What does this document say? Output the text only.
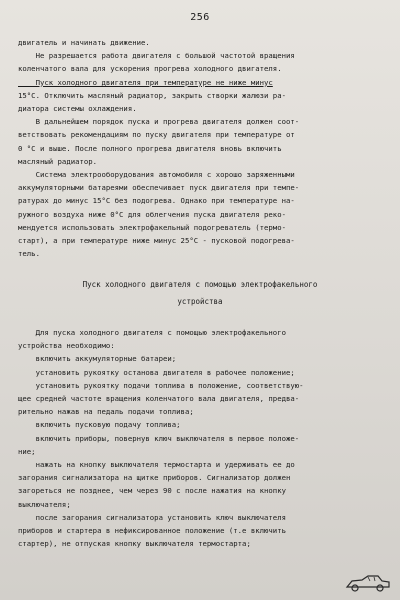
256
двигатель и начинать движение.
Не разрешается работа двигателя с большой частотой вращения
коленчатого вала для ускорения прогрева холодного двигателя.
Пуск холодного двигателя при температуре не ниже минус
15°С. Отключить масляный радиатор, закрыть створки жалюзи ра-
диатора системы охлаждения.
В дальнейшем порядок пуска и прогрева двигателя должен соот-
ветствовать рекомендациям по пуску двигателя при температуре от
0 °С и выше. После полного прогрева двигателя вновь включить
масляный радиатор.
Система электрооборудования автомобиля с хорошо заряженными
аккумуляторными батареями обеспечивает пуск двигателя при темпе-
ратурах до минус 15°С без подогрева. Однако при температуре на-
ружного воздуха ниже 0°С для облегчения пуска двигателя реко-
мендуется использовать электрофакельный подогреватель (термо-
старт), а при температуре ниже минус 25°С - пусковой подогрева-
тель.
Пуск холодного двигателя с помощью электрофакельного
устройства
Для пуска холодного двигателя с помощью электрофакельного
устройства необходимо:
включить аккумуляторные батареи;
установить рукоятку останова двигателя в рабочее положение;
установить рукоятку подачи топлива в положение, соответствую-
щее средней частоте вращения коленчатого вала двигателя, предва-
рительно нажав на педаль подачи топлива;
включить пусковую подачу топлива;
включить приборы, повернув ключ выключателя в первое положе-
ние;
нажать на кнопку выключателя термостарта и удерживать ее до
загорания сигнализатора на щитке приборов. Сигнализатор должен
загореться не позднее, чем через 90 с после нажатия на кнопку
выключателя;
после загорания сигнализатора установить ключ выключателя
приборов и стартера в нефиксированное положение (т.е включить
стартер), не отпуская кнопку выключателя термостарта;
